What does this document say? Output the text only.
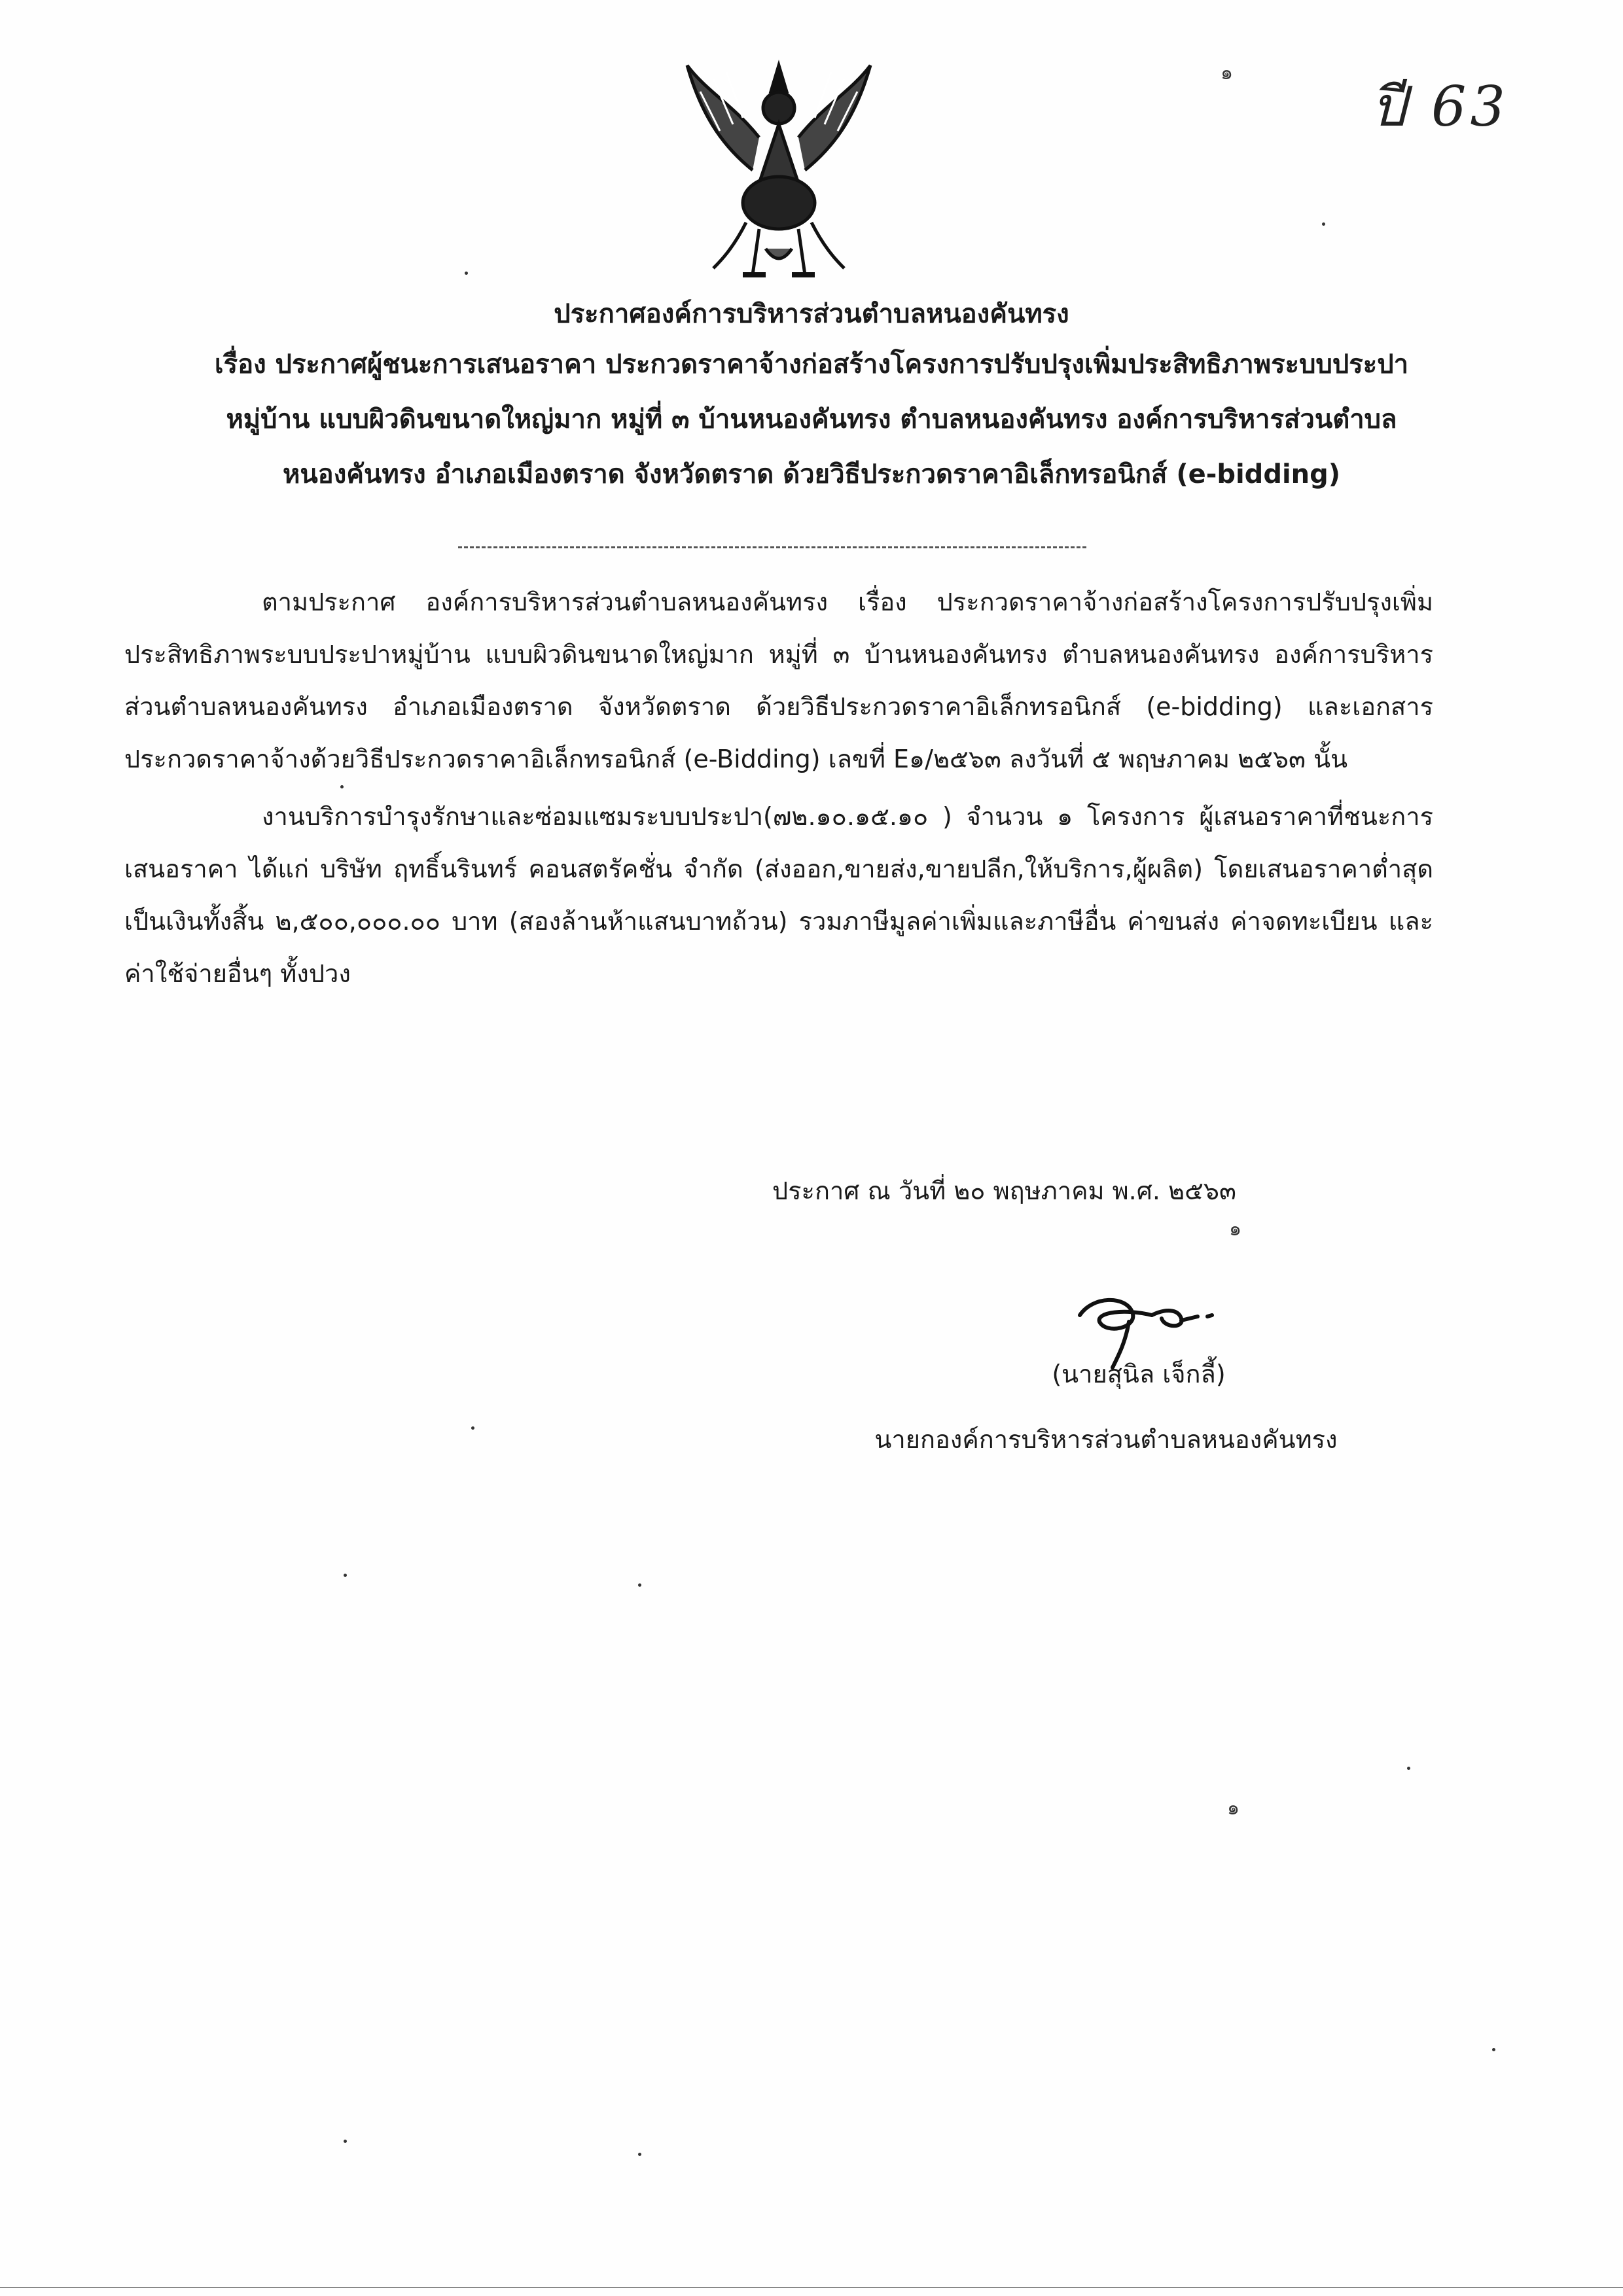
ปี 63
๑
ประกาศองค์การบริหารส่วนตำบลหนองคันทรง
เรื่อง ประกาศผู้ชนะการเสนอราคา ประกวดราคาจ้างก่อสร้างโครงการปรับปรุงเพิ่มประสิทธิภาพระบบประปา
หมู่บ้าน แบบผิวดินขนาดใหญ่มาก หมู่ที่ ๓ บ้านหนองคันทรง ตำบลหนองคันทรง องค์การบริหารส่วนตำบล
หนองคันทรง อำเภอเมืองตราด จังหวัดตราด ด้วยวิธีประกวดราคาอิเล็กทรอนิกส์ (e-bidding)

ตามประกาศ องค์การบริหารส่วนตำบลหนองคันทรง เรื่อง ประกวดราคาจ้างก่อสร้างโครงการปรับปรุงเพิ่มประสิทธิภาพระบบประปาหมู่บ้าน แบบผิวดินขนาดใหญ่มาก หมู่ที่ ๓ บ้านหนองคันทรง ตำบลหนองคันทรง องค์การบริหารส่วนตำบลหนองคันทรง อำเภอเมืองตราด จังหวัดตราด ด้วยวิธีประกวดราคาอิเล็กทรอนิกส์ (e-bidding) และเอกสารประกวดราคาจ้างด้วยวิธีประกวดราคาอิเล็กทรอนิกส์ (e-Bidding) เลขที่ E๑/๒๕๖๓ ลงวันที่ ๕ พฤษภาคม ๒๕๖๓ นั้น

งานบริการบำรุงรักษาและซ่อมแซมระบบประปา(๗๒.๑๐.๑๕.๑๐ ) จำนวน ๑ โครงการ ผู้เสนอราคาที่ชนะการเสนอราคา ได้แก่ บริษัท ฤทธิ์นรินทร์ คอนสตรัคชั่น จำกัด (ส่งออก,ขายส่ง,ขายปลีก,ให้บริการ,ผู้ผลิต) โดยเสนอราคาต่ำสุด เป็นเงินทั้งสิ้น ๒,๕๐๐,๐๐๐.๐๐ บาท (สองล้านห้าแสนบาทถ้วน) รวมภาษีมูลค่าเพิ่มและภาษีอื่น ค่าขนส่ง ค่าจดทะเบียน และค่าใช้จ่ายอื่นๆ ทั้งปวง

ประกาศ ณ วันที่ ๒๐ พฤษภาคม พ.ศ. ๒๕๖๓
๑
(นายสุนิล เจ็กลี้)
นายกองค์การบริหารส่วนตำบลหนองคันทรง
๑
